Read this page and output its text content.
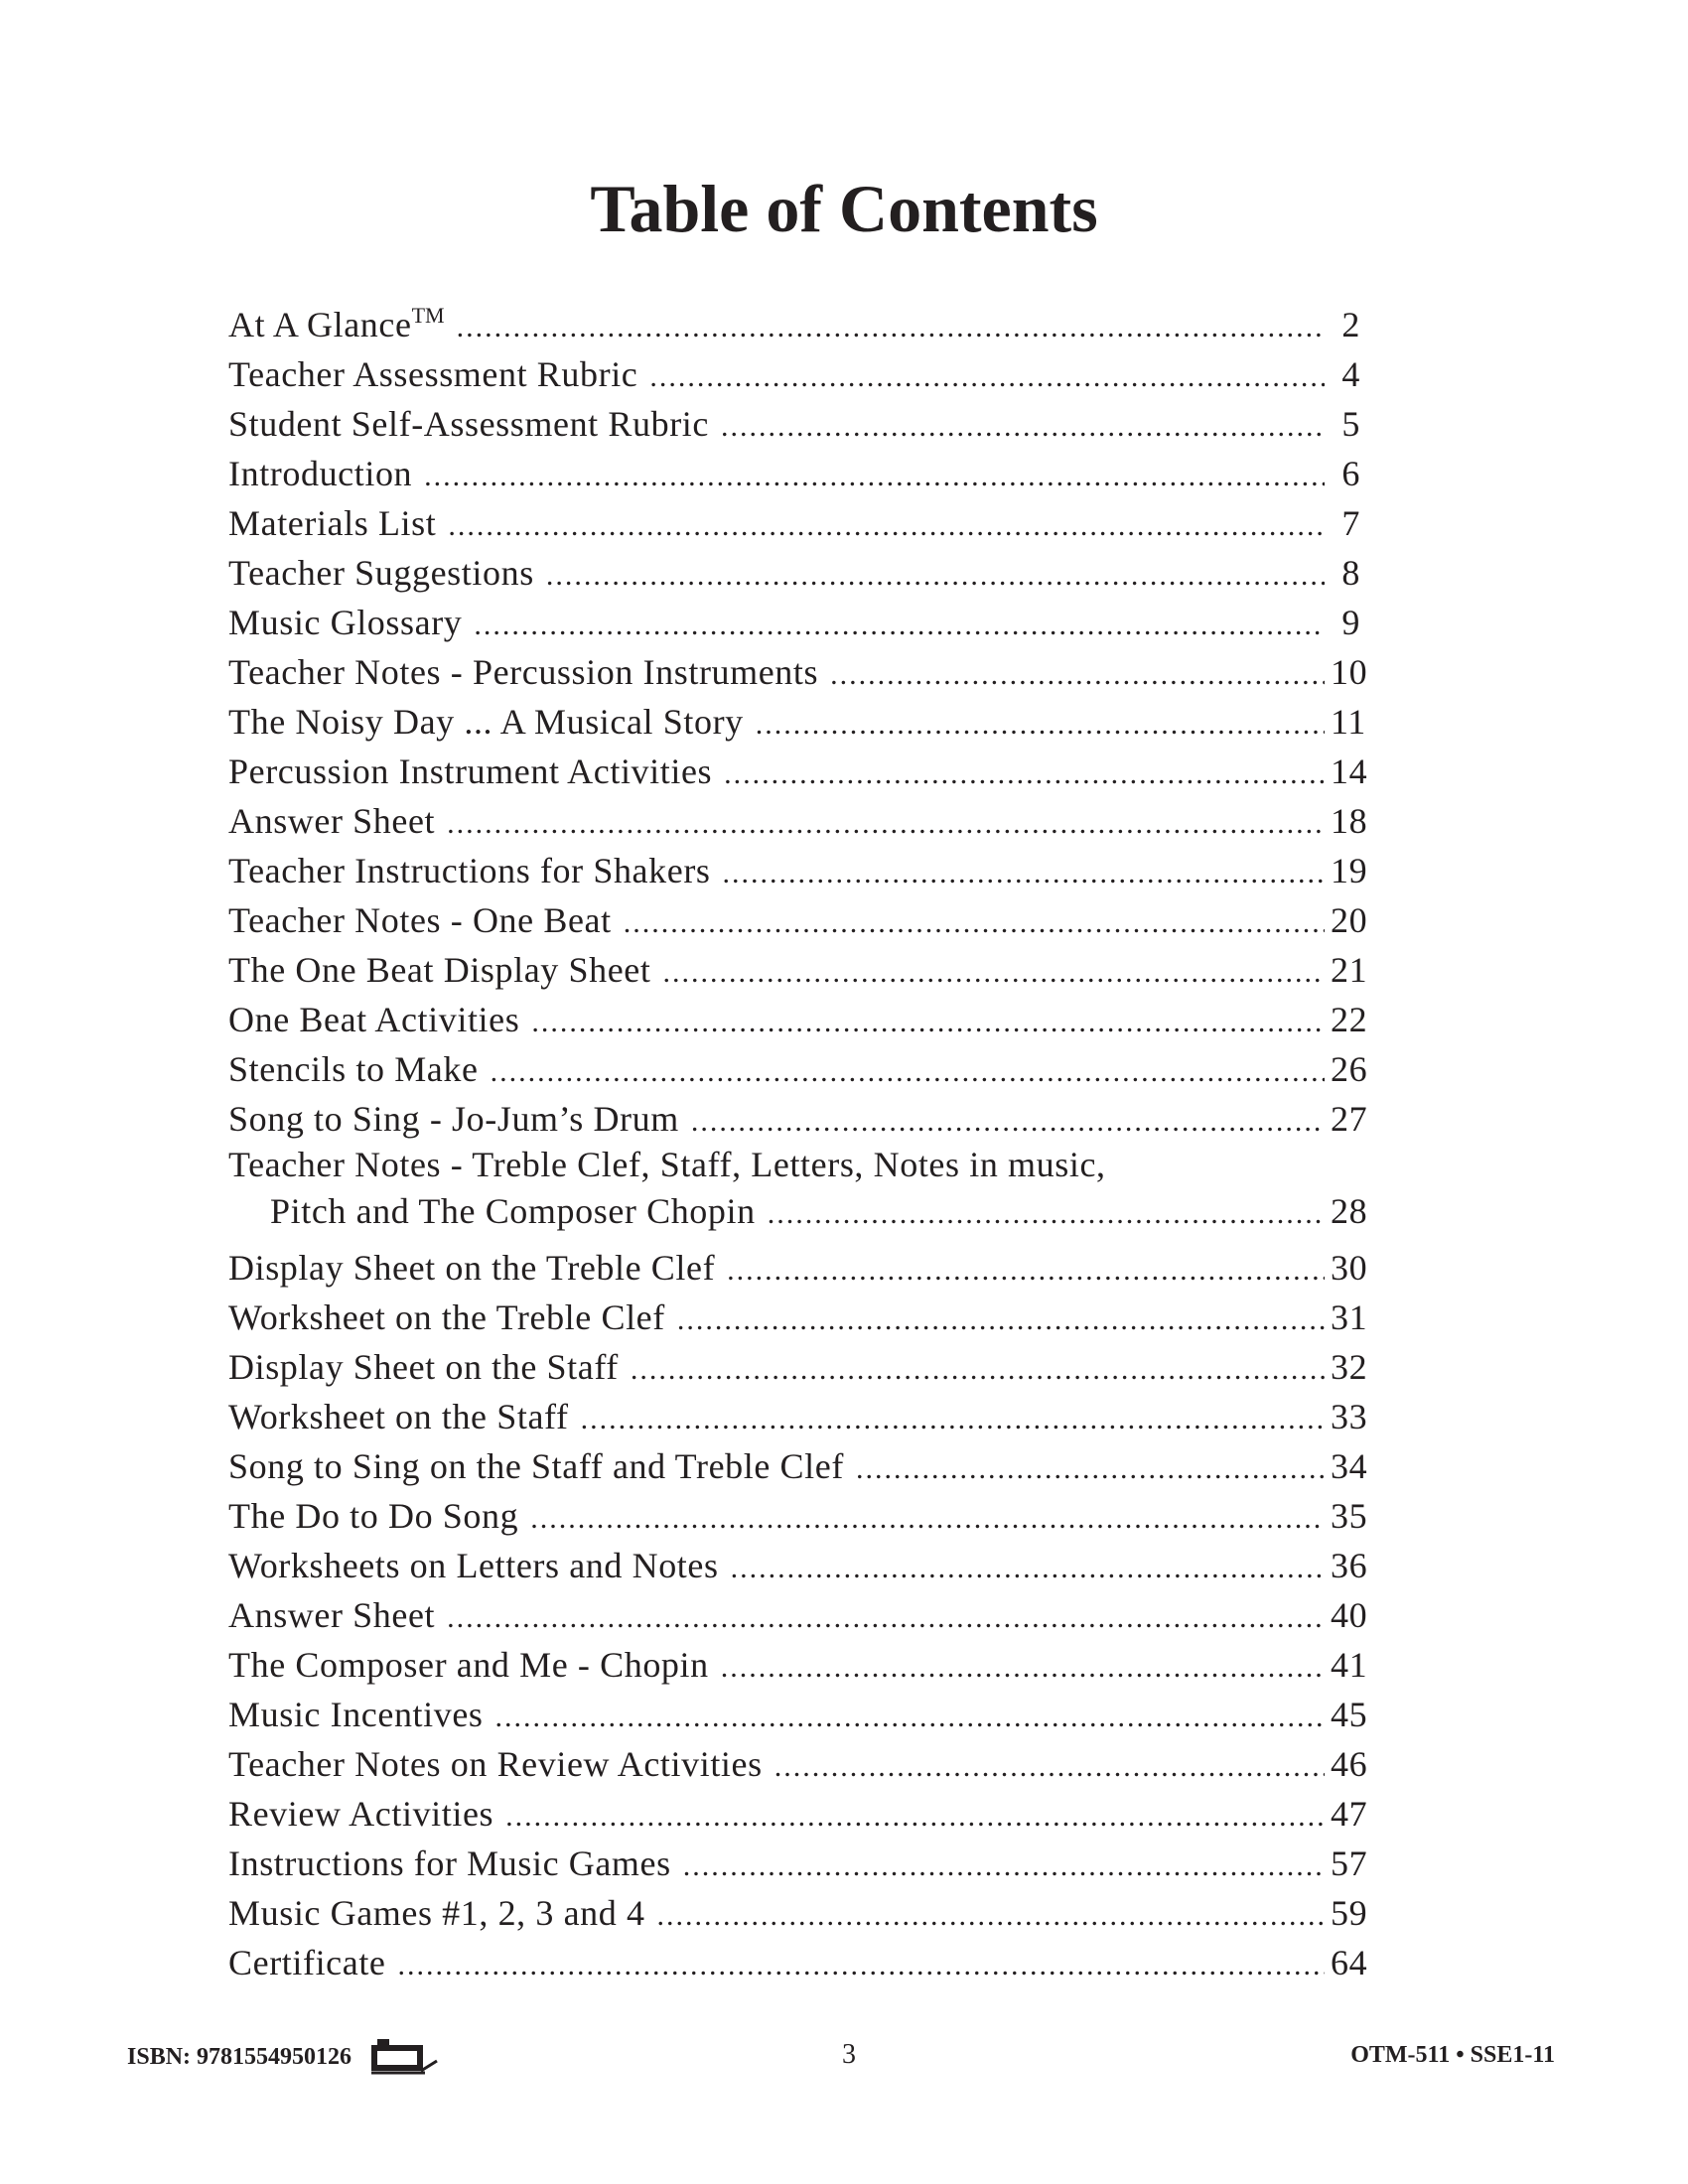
Table of Contents
At A Glance™ .....	2
Teacher Assessment Rubric .....	4
Student Self-Assessment Rubric .....	5
Introduction .....	6
Materials List .....	7
Teacher Suggestions .....	8
Music Glossary .....	9
Teacher Notes - Percussion Instruments .....	10
The Noisy Day ... A Musical Story .....	11
Percussion Instrument Activities .....	14
Answer Sheet .....	18
Teacher Instructions for Shakers .....	19
Teacher Notes - One Beat .....	20
The One Beat Display Sheet .....	21
One Beat Activities .....	22
Stencils to Make .....	26
Song to Sing - Jo-Jum’s Drum .....	27
Teacher Notes - Treble Clef, Staff, Letters, Notes in music,
Pitch and The Composer Chopin .....	28
Display Sheet on the Treble Clef .....	30
Worksheet on the Treble Clef .....	31
Display Sheet on the Staff .....	32
Worksheet on the Staff .....	33
Song to Sing on the Staff and Treble Clef .....	34
The Do to Do Song .....	35
Worksheets on Letters and Notes .....	36
Answer Sheet .....	40
The Composer and Me - Chopin .....	41
Music Incentives .....	45
Teacher Notes on Review Activities .....	46
Review Activities .....	47
Instructions for Music Games .....	57
Music Games #1, 2, 3 and 4 .....	59
Certificate .....	64
ISBN: 9781554950126	3	OTM-511 • SSE1-11
